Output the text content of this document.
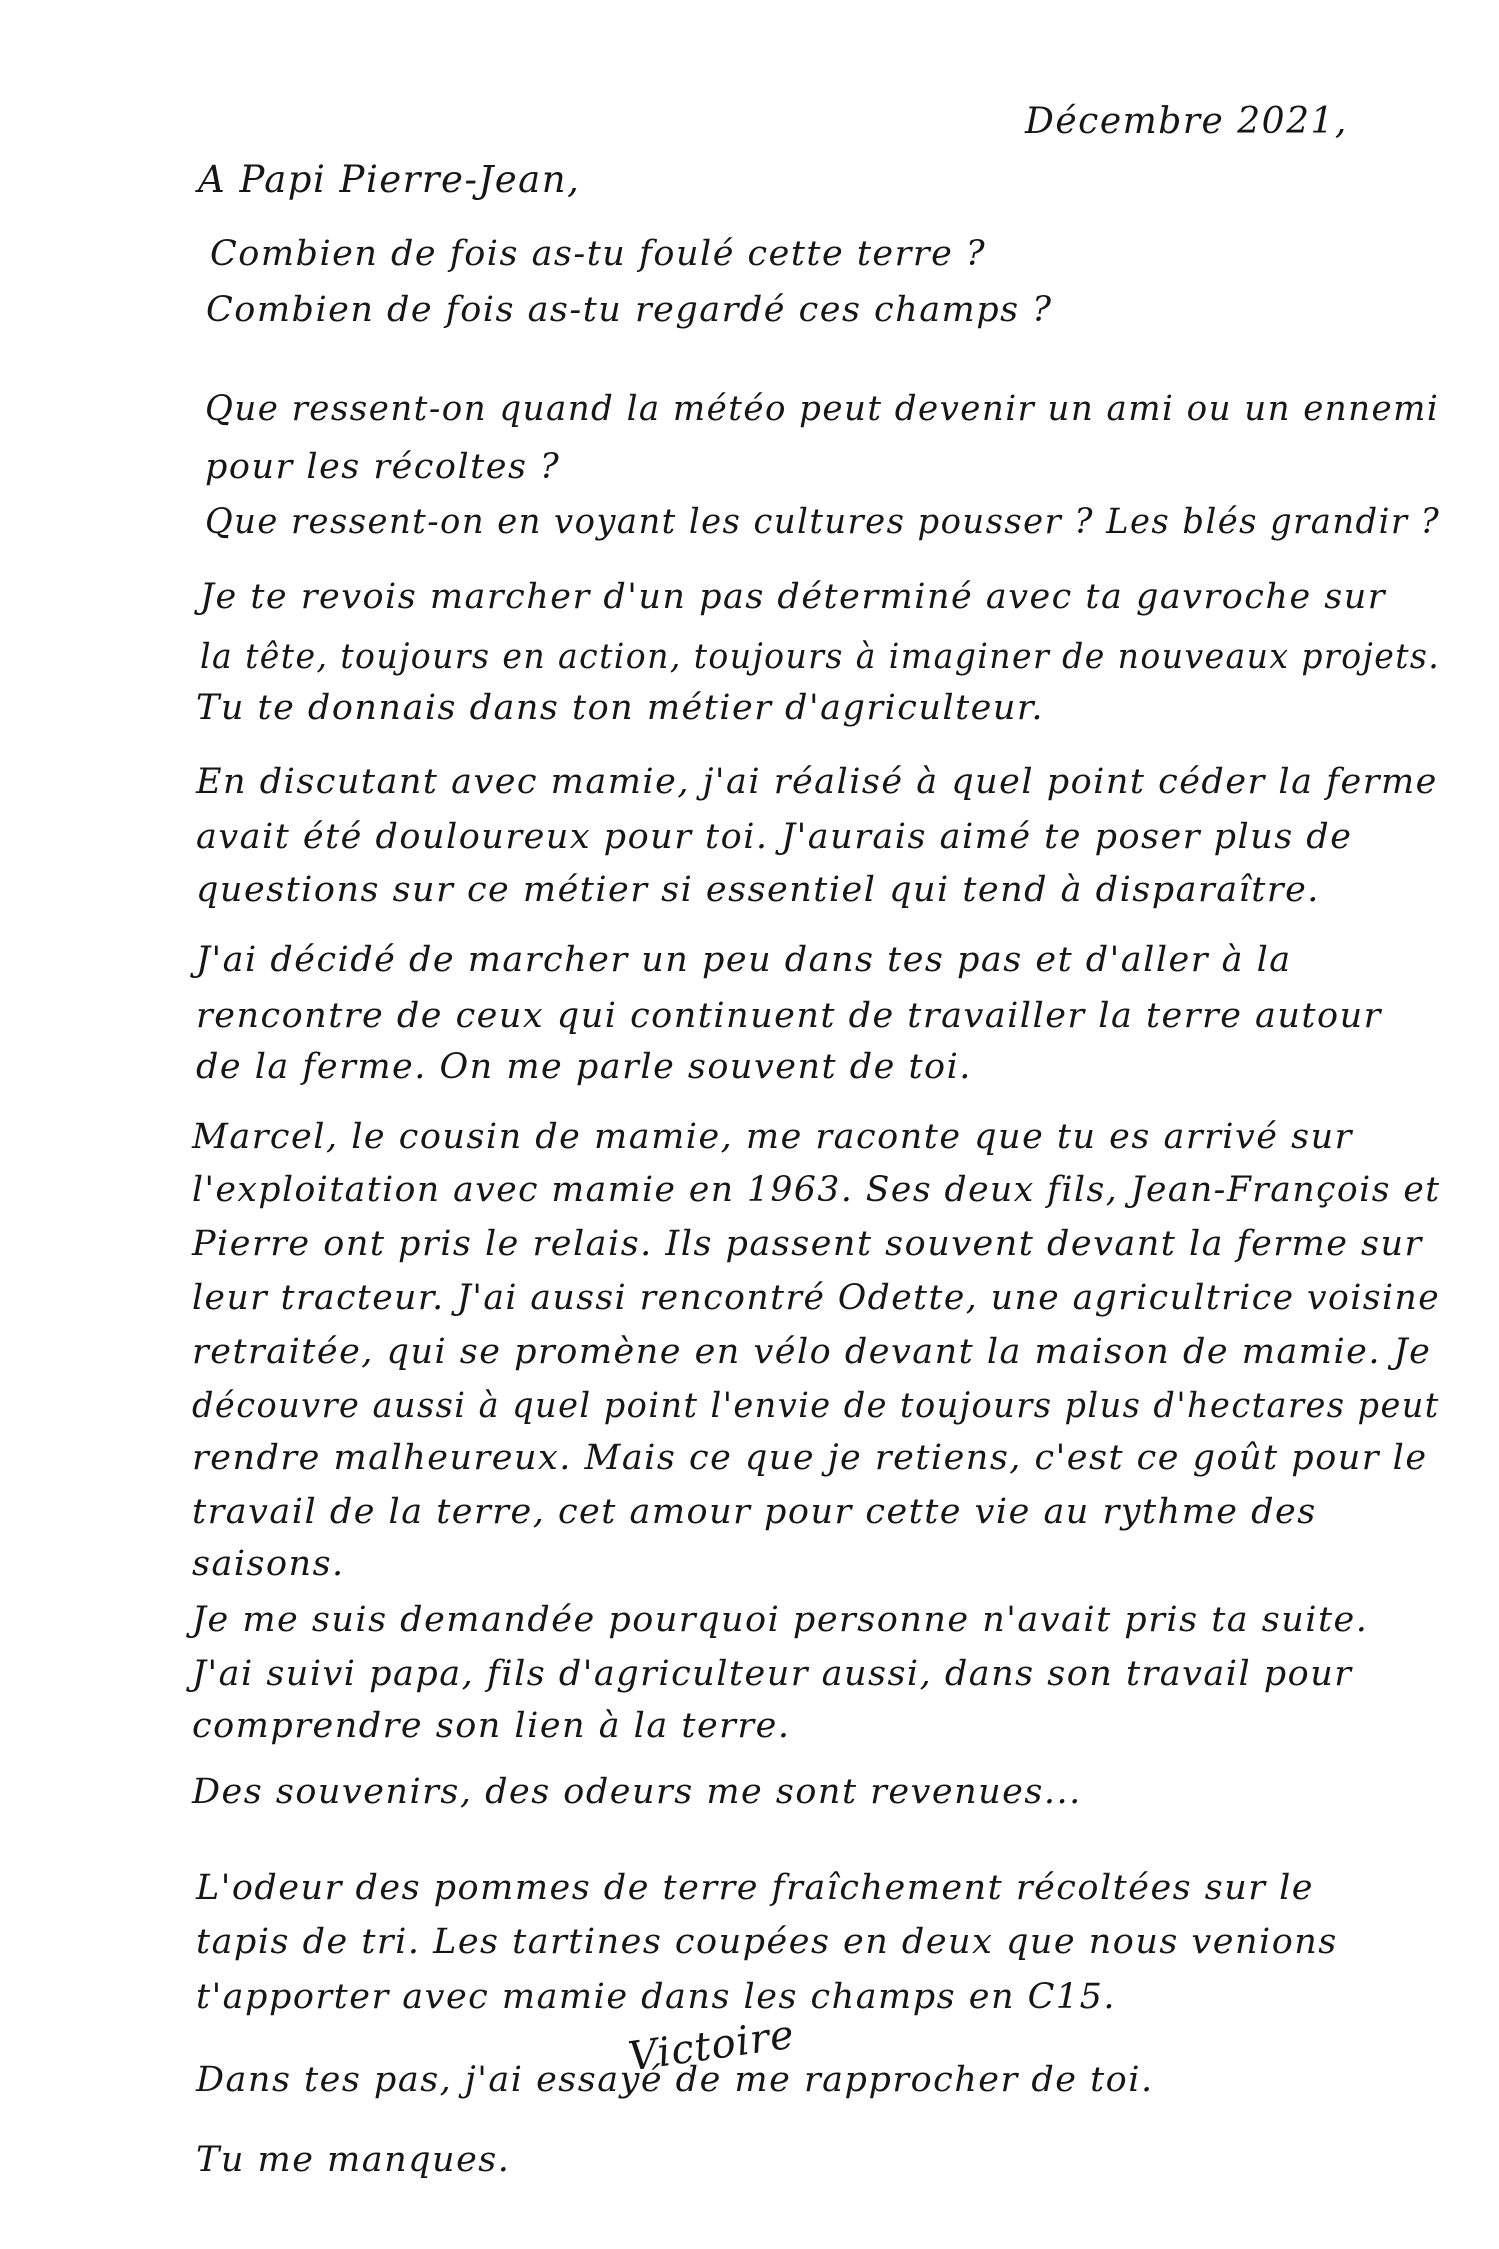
Décembre 2021,
A Papi Pierre-Jean,
Combien de fois as-tu foulé cette terre ?
Combien de fois as-tu regardé ces champs ?
Que ressent-on quand la météo peut devenir un ami ou un ennemi
pour les récoltes ?
Que ressent-on en voyant les cultures pousser ? Les blés grandir ?
Je te revois marcher d'un pas déterminé avec ta gavroche sur
la tête, toujours en action, toujours à imaginer de nouveaux projets.
Tu te donnais dans ton métier d'agriculteur.
En discutant avec mamie, j'ai réalisé à quel point céder la ferme
avait été douloureux pour toi. J'aurais aimé te poser plus de
questions sur ce métier si essentiel qui tend à disparaître.
J'ai décidé de marcher un peu dans tes pas et d'aller à la
rencontre de ceux qui continuent de travailler la terre autour
de la ferme. On me parle souvent de toi.
Marcel, le cousin de mamie, me raconte que tu es arrivé sur
l'exploitation avec mamie en 1963. Ses deux fils, Jean-François et
Pierre ont pris le relais. Ils passent souvent devant la ferme sur
leur tracteur. J'ai aussi rencontré Odette, une agricultrice voisine
retraitée, qui se promène en vélo devant la maison de mamie. Je
découvre aussi à quel point l'envie de toujours plus d'hectares peut
rendre malheureux. Mais ce que je retiens, c'est ce goût pour le
travail de la terre, cet amour pour cette vie au rythme des
saisons.
Je me suis demandée pourquoi personne n'avait pris ta suite.
J'ai suivi papa, fils d'agriculteur aussi, dans son travail pour
comprendre son lien à la terre.
Des souvenirs, des odeurs me sont revenues...
L'odeur des pommes de terre fraîchement récoltées sur le
tapis de tri. Les tartines coupées en deux que nous venions
t'apporter avec mamie dans les champs en C15.
Dans tes pas, j'ai essayé de me rapprocher de toi.
Tu me manques.
Victoire
